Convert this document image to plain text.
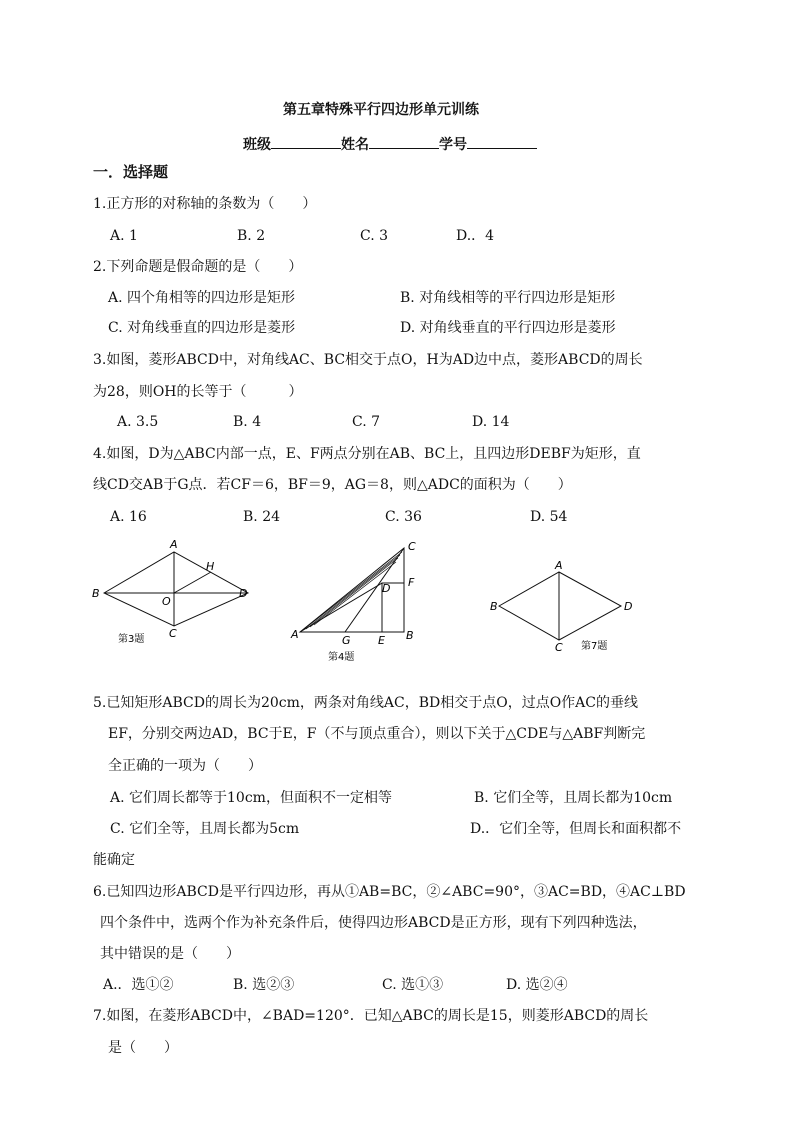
第五章特殊平行四边形单元训练
班级	姓名	学号
一．选择题
1.正方形的对称轴的条数为（　　）
A. 1	B. 2	C. 3	D.．4
2.下列命题是假命题的是（　　）
A. 四个角相等的四边形是矩形	B. 对角线相等的平行四边形是矩形
C. 对角线垂直的四边形是菱形	D. 对角线垂直的平行四边形是菱形
3.如图，菱形ABCD中，对角线AC、BC相交于点O，H为AD边中点，菱形ABCD的周长
为28，则OH的长等于（　　　）
A. 3.5	B. 4	C. 7	D. 14
4.如图，D为△ABC内部一点，E、F两点分别在AB、BC上，且四边形DEBF为矩形，直
线CD交AB于G点．若CF＝6，BF＝9，AG＝8，则△ADC的面积为（　　）
A. 16	B. 24	C. 36	D. 54
A
B	D
C
H
O
第3题
C
F
D
A	G E B
第4题
A
B	D
C 第7题
5.已知矩形ABCD的周长为20cm，两条对角线AC，BD相交于点O，过点O作AC的垂线
EF，分别交两边AD，BC于E，F（不与顶点重合），则以下关于△CDE与△ABF判断完
全正确的一项为（　　）
A. 它们周长都等于10cm，但面积不一定相等	B. 它们全等，且周长都为10cm
C. 它们全等，且周长都为5cm	D.．它们全等，但周长和面积都不
能确定
6.已知四边形ABCD是平行四边形，再从①AB=BC，②∠ABC=90°，③AC=BD，④AC⊥BD
四个条件中，选两个作为补充条件后，使得四边形ABCD是正方形，现有下列四种选法，
其中错误的是（　　）
A.．选①②	B. 选②③	C. 选①③	D. 选②④
7.如图，在菱形ABCD中，∠BAD=120°．已知△ABC的周长是15，则菱形ABCD的周长
是（　　）
